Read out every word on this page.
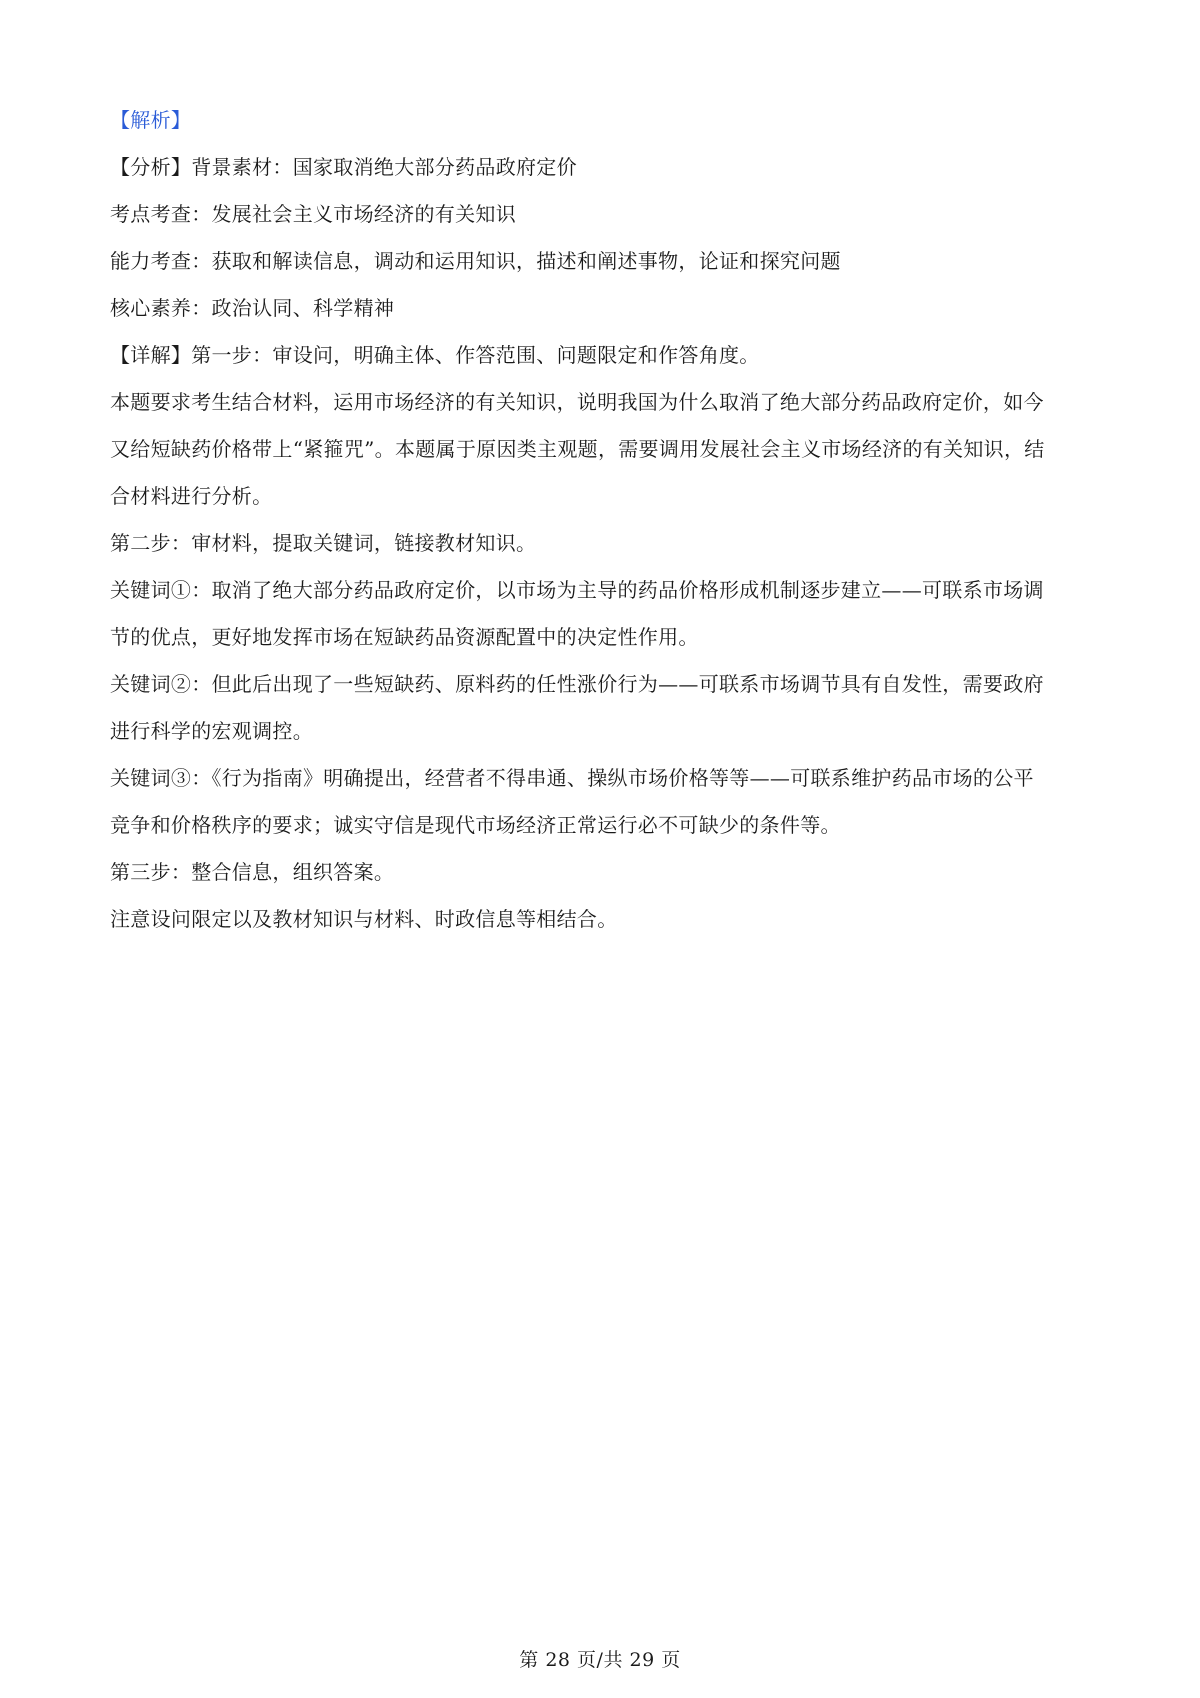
【解析】
【分析】背景素材：国家取消绝大部分药品政府定价
考点考查：发展社会主义市场经济的有关知识
能力考查：获取和解读信息，调动和运用知识，描述和阐述事物，论证和探究问题
核心素养：政治认同、科学精神
【详解】第一步：审设问，明确主体、作答范围、问题限定和作答角度。
本题要求考生结合材料，运用市场经济的有关知识，说明我国为什么取消了绝大部分药品政府定价，如今
又给短缺药价格带上“紧箍咒”。本题属于原因类主观题，需要调用发展社会主义市场经济的有关知识，结
合材料进行分析。
第二步：审材料，提取关键词，链接教材知识。
关键词①：取消了绝大部分药品政府定价，以市场为主导的药品价格形成机制逐步建立——可联系市场调
节的优点，更好地发挥市场在短缺药品资源配置中的决定性作用。
关键词②：但此后出现了一些短缺药、原料药的任性涨价行为——可联系市场调节具有自发性，需要政府
进行科学的宏观调控。
关键词③：《行为指南》明确提出，经营者不得串通、操纵市场价格等等——可联系维护药品市场的公平
竞争和价格秩序的要求；诚实守信是现代市场经济正常运行必不可缺少的条件等。
第三步：整合信息，组织答案。
注意设问限定以及教材知识与材料、时政信息等相结合。
第 28 页/共 29 页
